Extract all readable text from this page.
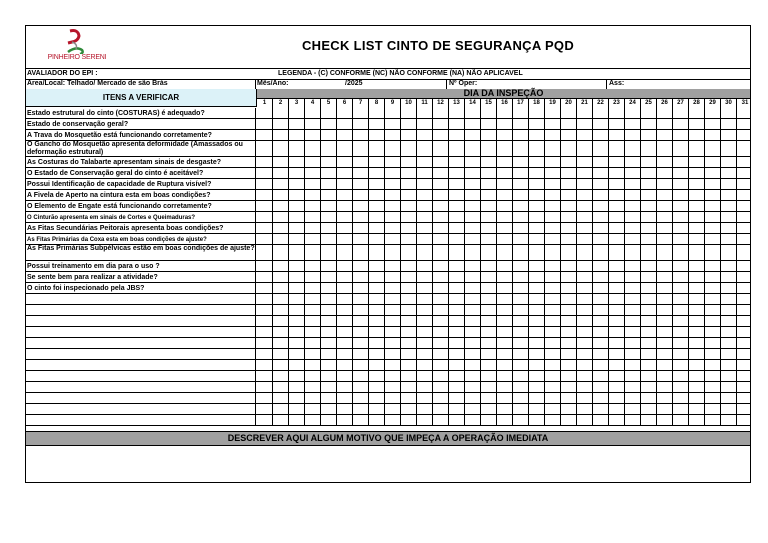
PINHEIRO SERENI
CHECK LIST CINTO DE SEGURANÇA PQD
AVALIADOR DO EPI :	LEGENDA - (C) CONFORME (NC) NÃO CONFORME (NA) NÃO APLICAVEL
Area/Local: Telhado/ Mercado de são Brás	Mês/Ano:	/2025	Nº Oper:	Ass:
ITENS A VERIFICAR	DIA DA INSPEÇÃO
1	2	3	4	5	6	7	8	9	10	11	12	13	14	15	16	17	18	19	20	21	22	23	24	25	26	27	28	29	30	31
Estado estrutural do cinto (COSTURAS) é adequado?
Estado de conservação geral?
A Trava do Mosquetão está funcionando corretamente?
O Gancho do Mosquetão apresenta deformidade (Amassados ou deformação estrutural)
As Costuras do Talabarte apresentam sinais de desgaste?
O Estado de Conservação geral do cinto é aceitável?
Possui Identificação de capacidade de Ruptura visível?
A Fivela de Aperto na cintura esta em boas condições?
O Elemento de Engate está funcionando corretamente?
O Cinturão apresenta em sinais de Cortes e Queimaduras?
As Fitas Secundárias Peitorais apresenta boas condições?
As Fitas Primárias da Coxa esta em boas condições de ajuste?
As Fitas Primárias Subpélvicas estão em boas condições de ajuste?
Possui treinamento em dia para o uso ?
Se sente bem para realizar a atividade?
O cinto foi inspecionado pela JBS?
DESCREVER AQUI ALGUM MOTIVO QUE IMPEÇA A OPERAÇÃO IMEDIATA
